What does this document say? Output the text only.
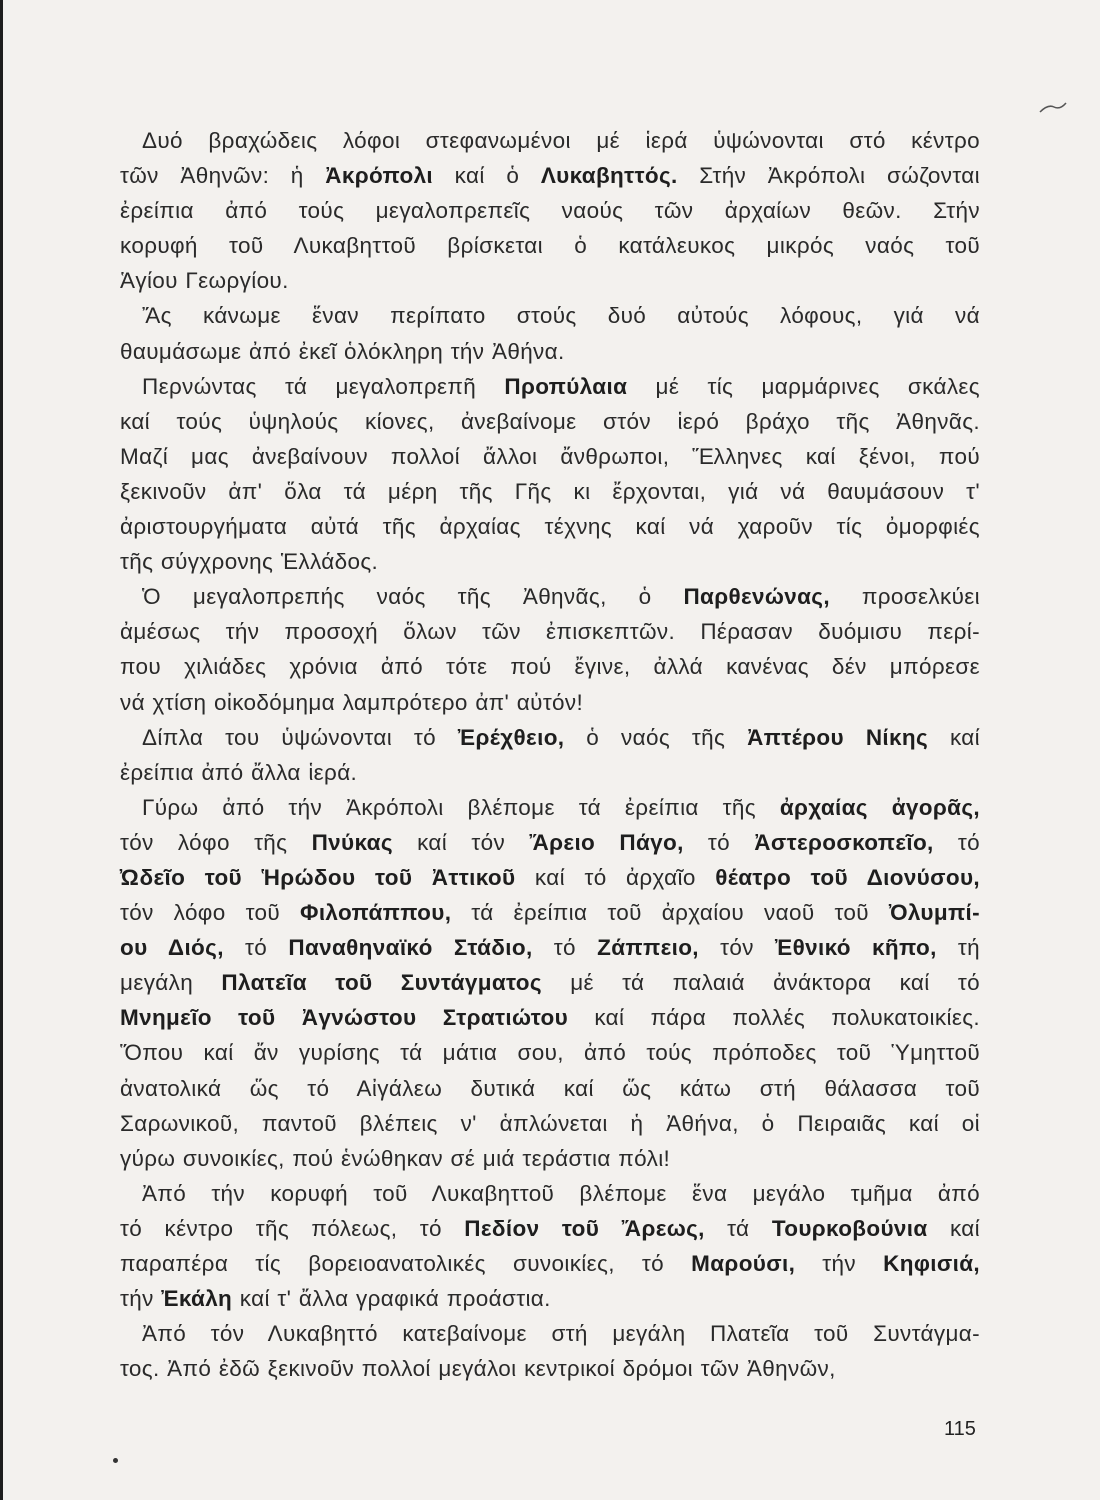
Δυό βραχώδεις λόφοι στεφανωμένοι μέ ἱερά ὑψώνονται στό κέντρο
τῶν Ἀθηνῶν: ἡ Ἀκρόπολι καί ὁ Λυκαβηττός. Στήν Ἀκρόπολι σώζονται
ἐρείπια ἀπό τούς μεγαλοπρεπεῖς ναούς τῶν ἀρχαίων θεῶν. Στήν
κορυφή τοῦ Λυκαβηττοῦ βρίσκεται ὁ κατάλευκος μικρός ναός τοῦ
Ἁγίου Γεωργίου.
Ἄς κάνωμε ἕναν περίπατο στούς δυό αὐτούς λόφους, γιά νά
θαυμάσωμε ἀπό ἐκεῖ ὁλόκληρη τήν Ἀθήνα.
Περνώντας τά μεγαλοπρεπῆ Προπύλαια μέ τίς μαρμάρινες σκάλες
καί τούς ὑψηλούς κίονες, ἀνεβαίνομε στόν ἱερό βράχο τῆς Ἀθηνᾶς.
Μαζί μας ἀνεβαίνουν πολλοί ἄλλοι ἄνθρωποι, Ἕλληνες καί ξένοι, πού
ξεκινοῦν ἀπ' ὅλα τά μέρη τῆς Γῆς κι ἔρχονται, γιά νά θαυμάσουν τ'
ἀριστουργήματα αὐτά τῆς ἀρχαίας τέχνης καί νά χαροῦν τίς ὀμορφιές
τῆς σύγχρονης Ἑλλάδος.
Ὁ μεγαλοπρεπής ναός τῆς Ἀθηνᾶς, ὁ Παρθενώνας, προσελκύει
ἀμέσως τήν προσοχή ὅλων τῶν ἐπισκεπτῶν. Πέρασαν δυόμισυ περί-
που χιλιάδες χρόνια ἀπό τότε πού ἔγινε, ἀλλά κανένας δέν μπόρεσε
νά χτίση οἰκοδόμημα λαμπρότερο ἀπ' αὐτόν!
Δίπλα του ὑψώνονται τό Ἐρέχθειο, ὁ ναός τῆς Ἀπτέρου Νίκης καί
ἐρείπια ἀπό ἄλλα ἱερά.
Γύρω ἀπό τήν Ἀκρόπολι βλέπομε τά ἐρείπια τῆς ἀρχαίας ἀγορᾶς,
τόν λόφο τῆς Πνύκας καί τόν Ἄρειο Πάγο, τό Ἀστεροσκοπεῖο, τό
Ὠδεῖο τοῦ Ἡρώδου τοῦ Ἀττικοῦ καί τό ἀρχαῖο θέατρο τοῦ Διονύσου,
τόν λόφο τοῦ Φιλοπάππου, τά ἐρείπια τοῦ ἀρχαίου ναοῦ τοῦ Ὀλυμπί-
ου Διός, τό Παναθηναϊκό Στάδιο, τό Ζάππειο, τόν Ἐθνικό κῆπο, τή
μεγάλη Πλατεῖα τοῦ Συντάγματος μέ τά παλαιά ἀνάκτορα καί τό
Μνημεῖο τοῦ Ἀγνώστου Στρατιώτου καί πάρα πολλές πολυκατοικίες.
Ὅπου καί ἄν γυρίσης τά μάτια σου, ἀπό τούς πρόποδες τοῦ Ὑμηττοῦ
ἀνατολικά ὥς τό Αἰγάλεω δυτικά καί ὥς κάτω στή θάλασσα τοῦ
Σαρωνικοῦ, παντοῦ βλέπεις ν' ἁπλώνεται ἡ Ἀθήνα, ὁ Πειραιᾶς καί οἱ
γύρω συνοικίες, πού ἑνώθηκαν σέ μιά τεράστια πόλι!
Ἀπό τήν κορυφή τοῦ Λυκαβηττοῦ βλέπομε ἕνα μεγάλο τμῆμα ἀπό
τό κέντρο τῆς πόλεως, τό Πεδίον τοῦ Ἄρεως, τά Τουρκοβούνια καί
παραπέρα τίς βορειοανατολικές συνοικίες, τό Μαρούσι, τήν Κηφισιά,
τήν Ἐκάλη καί τ' ἄλλα γραφικά προάστια.
Ἀπό τόν Λυκαβηττό κατεβαίνομε στή μεγάλη Πλατεῖα τοῦ Συντάγμα-
τος. Ἀπό ἐδῶ ξεκινοῦν πολλοί μεγάλοι κεντρικοί δρόμοι τῶν Ἀθηνῶν,
115
